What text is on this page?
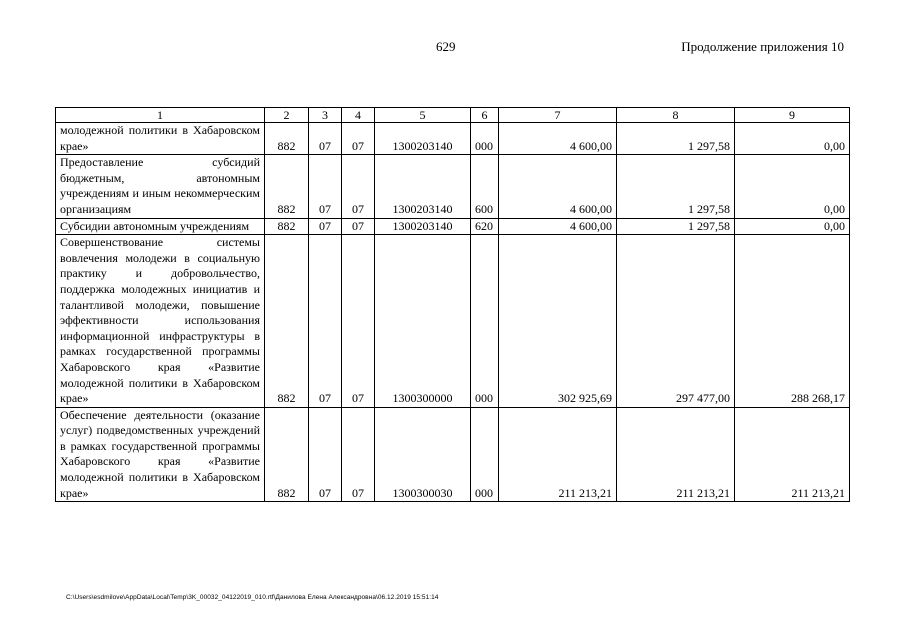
629	Продолжение приложения 10
1	2	3	4	5	6	7	8	9
молодежной политики в Хабаровском крае»	882	07	07	1300203140	000	4 600,00	1 297,58	0,00
Предоставление субсидий бюджетным, автономным учреждениям и иным некоммерческим организациям	882	07	07	1300203140	600	4 600,00	1 297,58	0,00
Субсидии автономным учреждениям	882	07	07	1300203140	620	4 600,00	1 297,58	0,00
Совершенствование системы вовлечения молодежи в социальную практику и добровольчество, поддержка молодежных инициатив и талантливой молодежи, повышение эффективности использования информационной инфраструктуры в рамках государственной программы Хабаровского края «Развитие молодежной политики в Хабаровском крае»	882	07	07	1300300000	000	302 925,69	297 477,00	288 268,17
Обеспечение деятельности (оказание услуг) подведомственных учреждений в рамках государственной программы Хабаровского края «Развитие молодежной политики в Хабаровском крае»	882	07	07	1300300030	000	211 213,21	211 213,21	211 213,21
C:\Users\esdmilove\AppData\Local\Temp\3K_00032_04122019_010.rtf\Данилова Елена Александровна\06.12.2019 15:51:14
